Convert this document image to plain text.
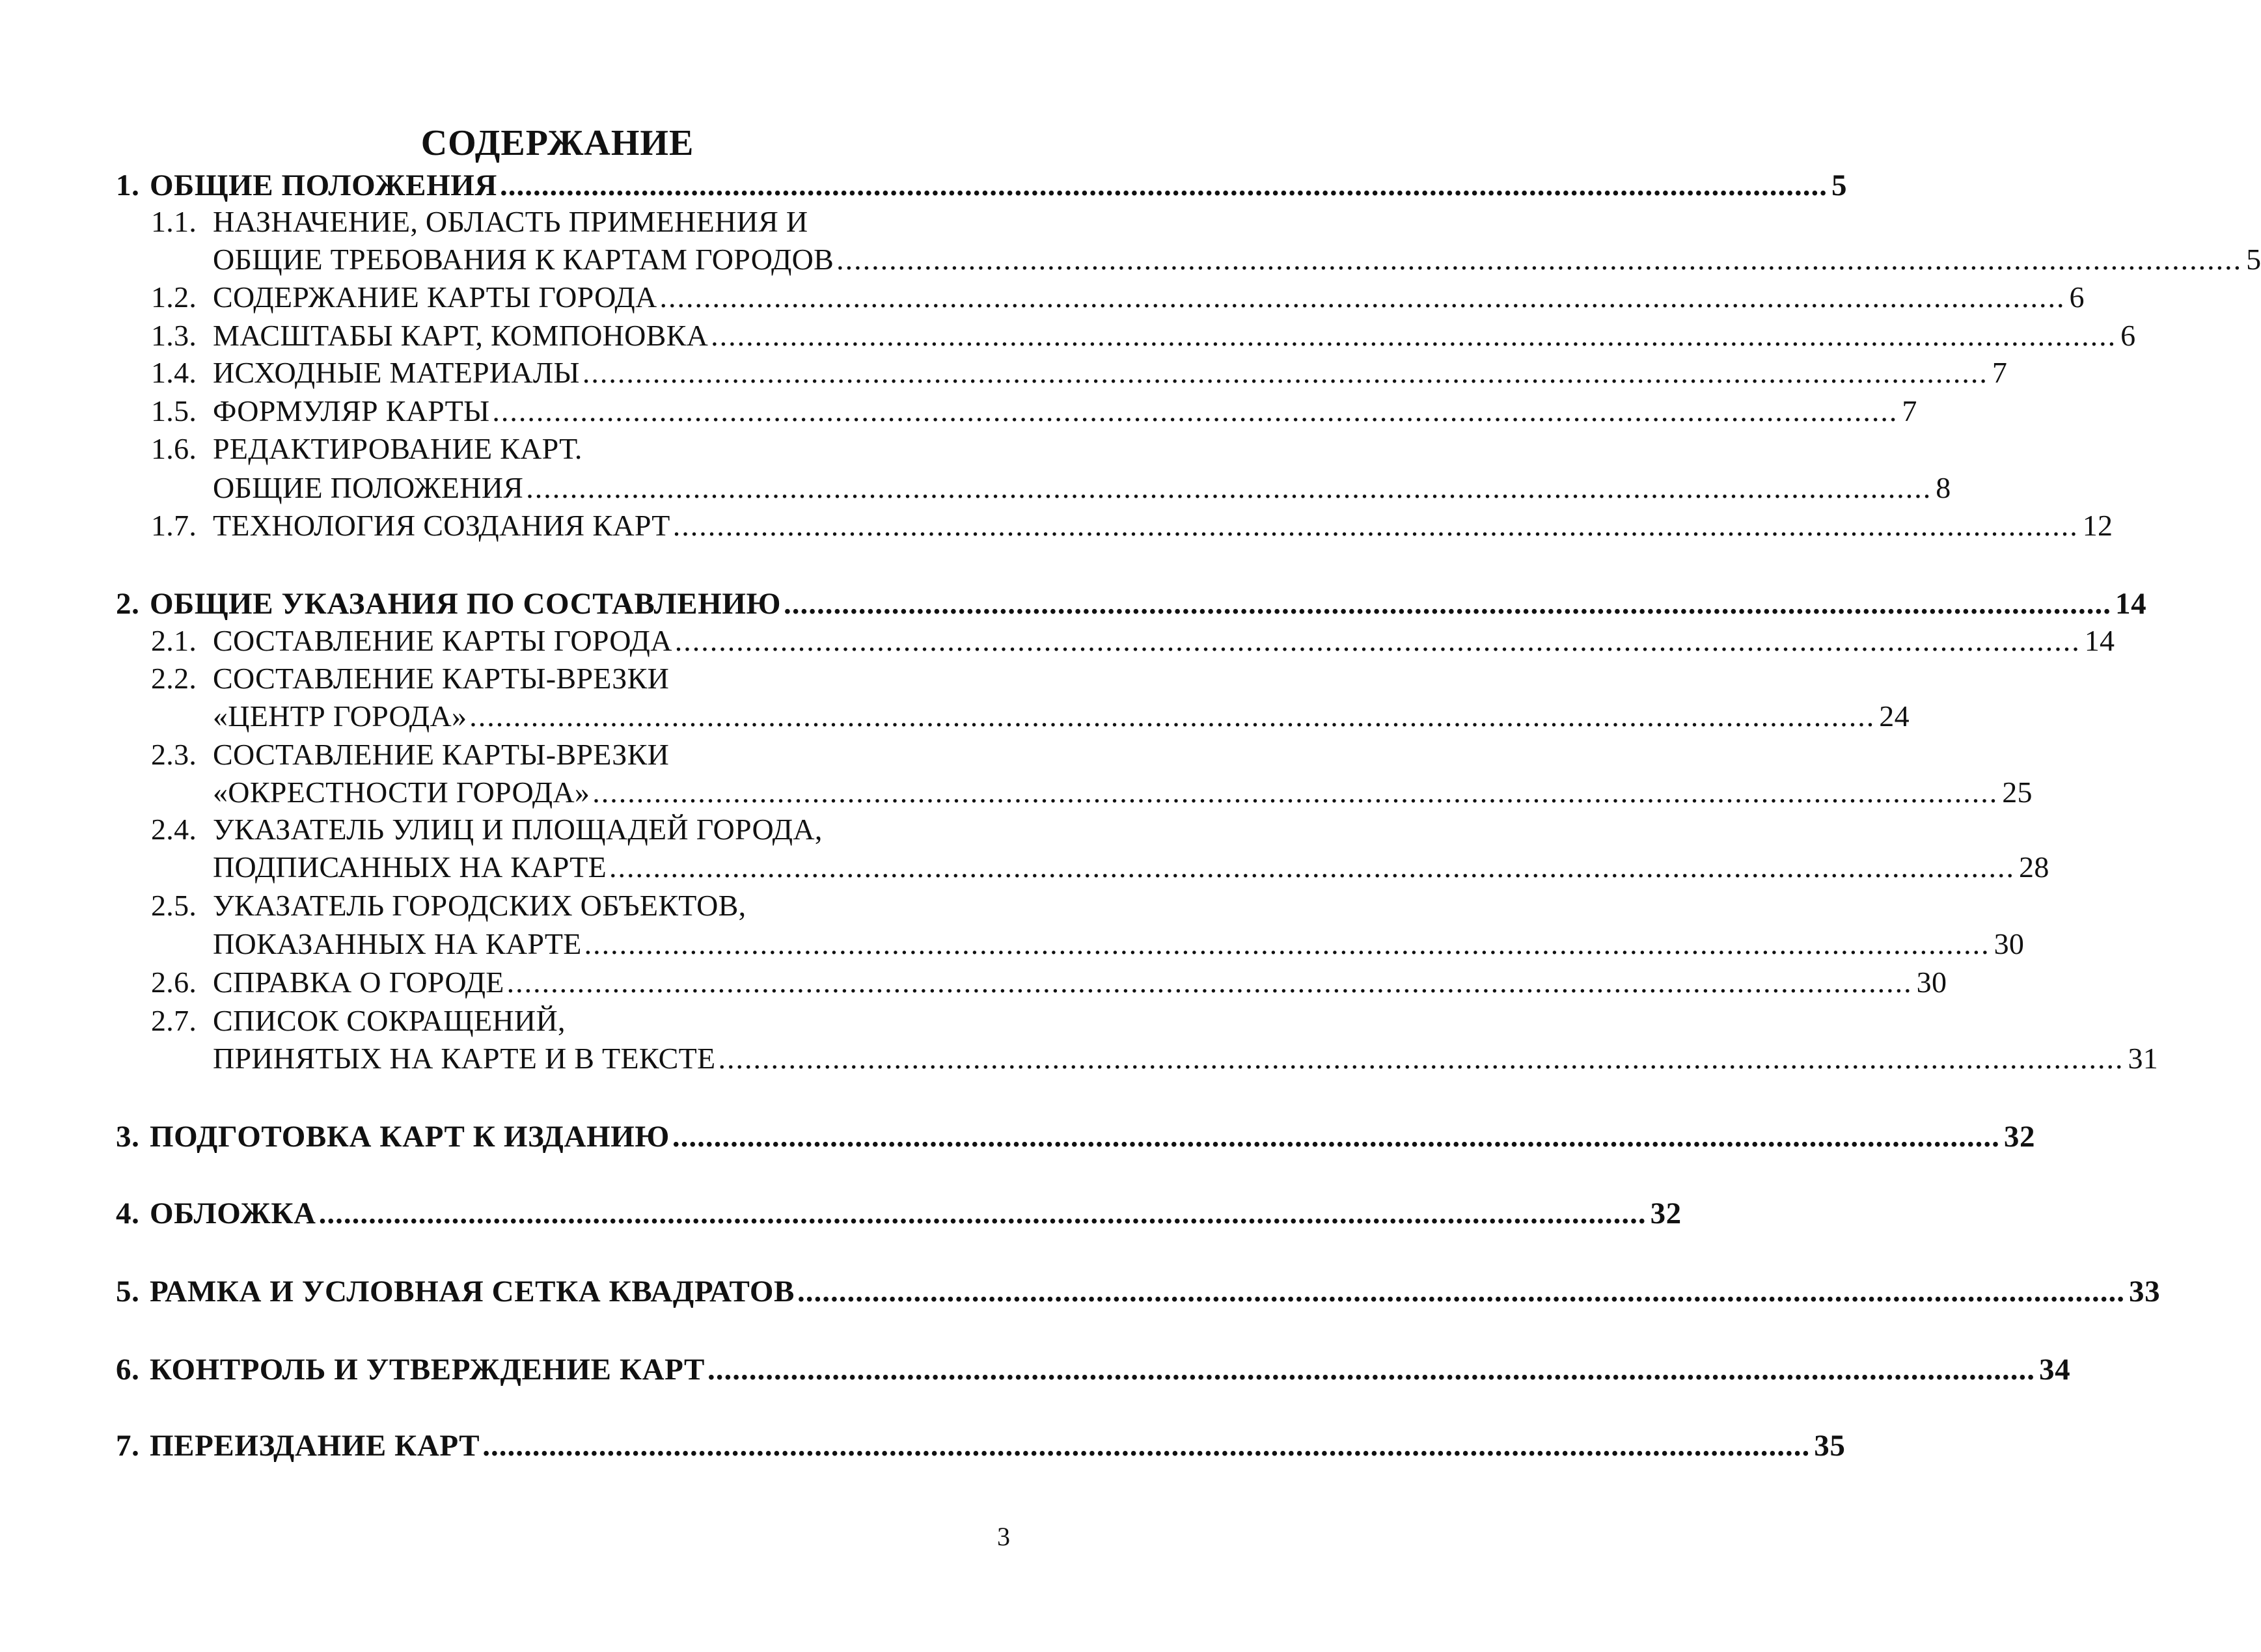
СОДЕРЖАНИЕ
1. ОБЩИЕ ПОЛОЖЕНИЯ ................................................................................................................................................................ 5
1.1. НАЗНАЧЕНИЕ, ОБЛАСТЬ ПРИМЕНЕНИЯ И
ОБЩИЕ ТРЕБОВАНИЯ К КАРТАМ ГОРОДОВ ................................................................................................................................................................ 5
1.2. СОДЕРЖАНИЕ КАРТЫ ГОРОДА ................................................................................................................................................................ 6
1.3. МАСШТАБЫ КАРТ, КОМПОНОВКА ................................................................................................................................................................ 6
1.4. ИСХОДНЫЕ МАТЕРИАЛЫ ................................................................................................................................................................ 7
1.5. ФОРМУЛЯР КАРТЫ ................................................................................................................................................................ 7
1.6. РЕДАКТИРОВАНИЕ КАРТ.
ОБЩИЕ ПОЛОЖЕНИЯ ................................................................................................................................................................ 8
1.7. ТЕХНОЛОГИЯ СОЗДАНИЯ КАРТ ................................................................................................................................................................ 12
2. ОБЩИЕ УКАЗАНИЯ ПО СОСТАВЛЕНИЮ ................................................................................................................................................................ 14
2.1. СОСТАВЛЕНИЕ КАРТЫ ГОРОДА ................................................................................................................................................................ 14
2.2. СОСТАВЛЕНИЕ КАРТЫ-ВРЕЗКИ
«ЦЕНТР ГОРОДА» ................................................................................................................................................................ 24
2.3. СОСТАВЛЕНИЕ КАРТЫ-ВРЕЗКИ
«ОКРЕСТНОСТИ ГОРОДА» ................................................................................................................................................................ 25
2.4. УКАЗАТЕЛЬ УЛИЦ И ПЛОЩАДЕЙ ГОРОДА,
ПОДПИСАННЫХ НА КАРТЕ ................................................................................................................................................................ 28
2.5. УКАЗАТЕЛЬ ГОРОДСКИХ ОБЪЕКТОВ,
ПОКАЗАННЫХ НА КАРТЕ ................................................................................................................................................................ 30
2.6. СПРАВКА О ГОРОДЕ ................................................................................................................................................................ 30
2.7. СПИСОК СОКРАЩЕНИЙ,
ПРИНЯТЫХ НА КАРТЕ И В ТЕКСТЕ ................................................................................................................................................................ 31
3. ПОДГОТОВКА КАРТ К ИЗДАНИЮ ................................................................................................................................................................ 32
4. ОБЛОЖКА ................................................................................................................................................................ 32
5. РАМКА И УСЛОВНАЯ СЕТКА КВАДРАТОВ ................................................................................................................................................................ 33
6. КОНТРОЛЬ И УТВЕРЖДЕНИЕ КАРТ ................................................................................................................................................................ 34
7. ПЕРЕИЗДАНИЕ КАРТ ................................................................................................................................................................ 35
3
